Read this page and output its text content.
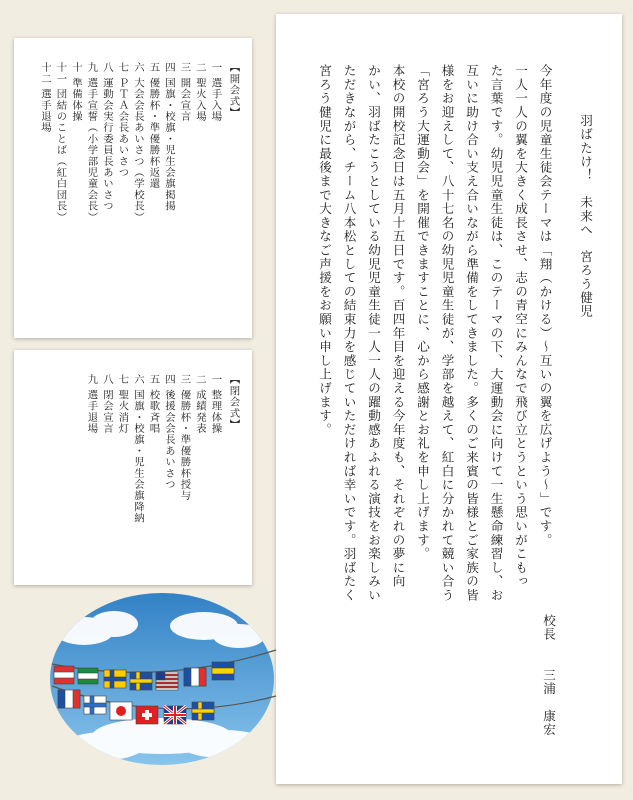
羽ばたけ！　未来へ　宮ろう健児
今年度の児童生徒会テーマは「翔（かける）〜互いの翼を広げよう〜」です。
一人一人の翼を大きく成長させ、志の青空にみんなで飛び立とうという思いがこもっ
た言葉です。幼児児童生徒は、このテーマの下、大運動会に向けて一生懸命練習し、お
互いに助け合い支え合いながら準備をしてきました。多くのご来賓の皆様とご家族の皆
様をお迎えして、八十七名の幼児児童生徒が、学部を越えて、紅白に分かれて競い合う
「宮ろう大運動会」を開催できますことに、心から感謝とお礼を申し上げます。
本校の開校記念日は五月十五日です。百四年目を迎える今年度も、それぞれの夢に向
かい、羽ばたこうとしている幼児児童生徒一人一人の躍動感あふれる演技をお楽しみい
ただきながら、チーム八本松としての結束力を感じていただければ幸いです。羽ばたく
宮ろう健児に最後まで大きなご声援をお願い申し上げます。
校長　　三浦　康宏
【開会式】
一選手入場
二聖火入場
三開会宣言
四国旗・校旗・児生会旗掲揚
五優勝杯・準優勝杯返還
六大会会長あいさつ（学校長）
七ＰＴＡ会長あいさつ
八運動会実行委員長あいさつ
九選手宣誓（小学部児童会長）
十準備体操
十一団結のことば（紅白団長）
十二選手退場
【閉会式】
一整理体操
二成績発表
三優勝杯・準優勝杯授与
四後援会会長あいさつ
五校歌斉唱
六国旗・校旗・児生会旗降納
七聖火消灯
八閉会宣言
九選手退場
